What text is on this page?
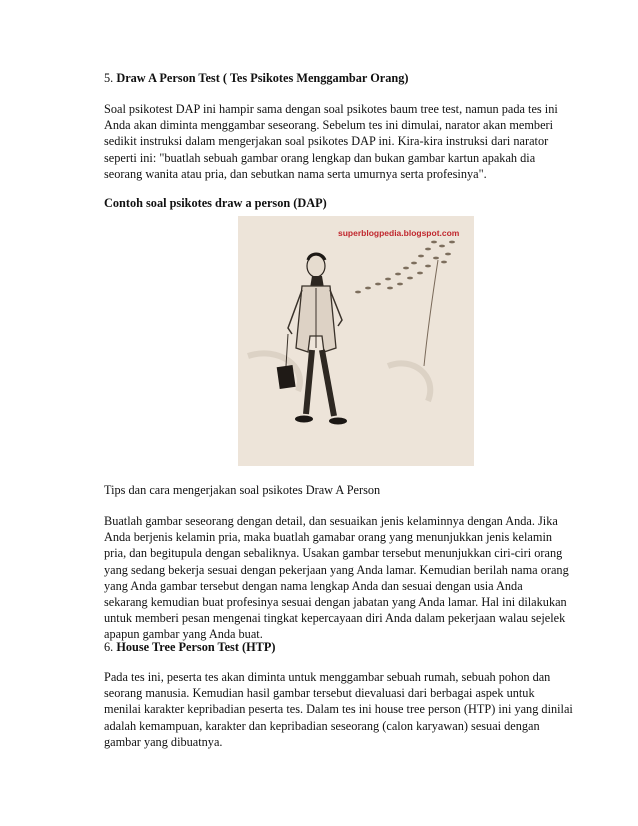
5. Draw A Person Test ( Tes Psikotes Menggambar Orang)
Soal psikotest DAP ini hampir sama dengan soal psikotes baum tree test, namun pada tes ini
Anda akan diminta menggambar seseorang. Sebelum tes ini dimulai, narator akan memberi
sedikit instruksi dalam mengerjakan soal psikotes DAP ini. Kira-kira instruksi dari narator
seperti ini: "buatlah sebuah gambar orang lengkap dan bukan gambar kartun apakah dia
seorang wanita atau pria, dan sebutkan nama serta umurnya serta profesinya".
Contoh soal psikotes draw a person (DAP)
superblogpedia.blogspot.com
Tips dan cara mengerjakan soal psikotes Draw A Person
Buatlah gambar seseorang dengan detail, dan sesuaikan jenis kelaminnya dengan Anda. Jika
Anda berjenis kelamin pria, maka buatlah gamabar orang yang menunjukkan jenis kelamin
pria, dan begitupula dengan sebaliknya. Usakan gambar tersebut menunjukkan ciri-ciri orang
yang sedang bekerja sesuai dengan pekerjaan yang Anda lamar. Kemudian berilah nama orang
yang Anda gambar tersebut dengan nama lengkap Anda dan sesuai dengan usia Anda
sekarang kemudian buat profesinya sesuai dengan jabatan yang Anda lamar. Hal ini dilakukan
untuk memberi pesan mengenai tingkat kepercayaan diri Anda dalam pekerjaan walau sejelek
apapun gambar yang Anda buat.
6. House Tree Person Test (HTP)
Pada tes ini, peserta tes akan diminta untuk menggambar sebuah rumah, sebuah pohon dan
seorang manusia. Kemudian hasil gambar tersebut dievaluasi dari berbagai aspek untuk
menilai karakter kepribadian peserta tes. Dalam tes ini house tree person (HTP) ini yang dinilai
adalah kemampuan, karakter dan kepribadian seseorang (calon karyawan) sesuai dengan
gambar yang dibuatnya.
